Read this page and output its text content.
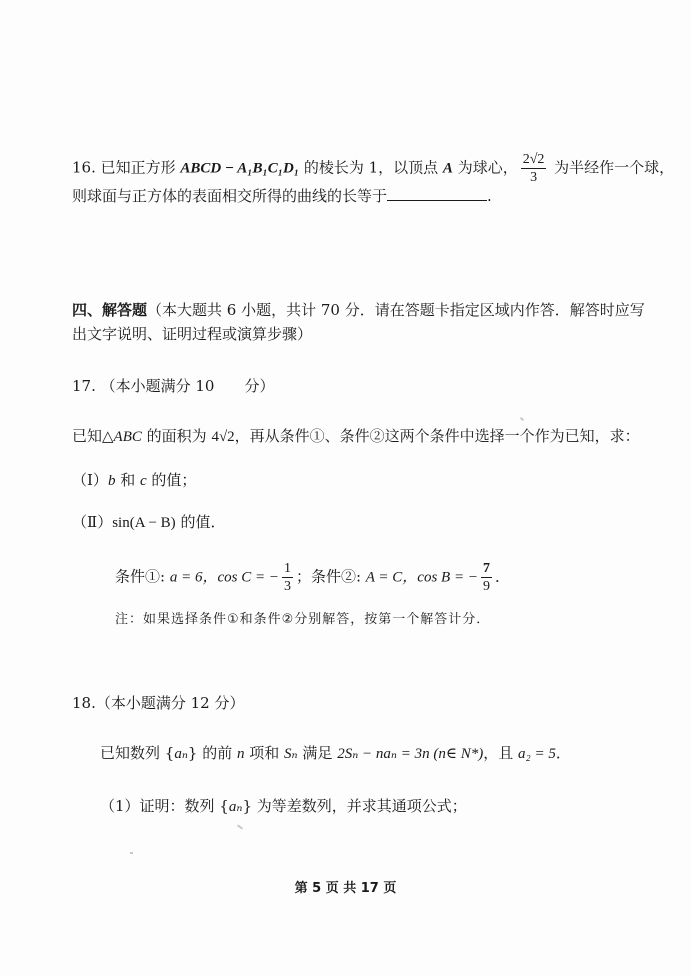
16. 已知正方形 ABCD − A₁B₁C₁D₁ 的棱长为 1，以顶点 A 为球心， $\frac{2√2}{3}$ 为半经作一个球，
则球面与正方体的表面相交所得的曲线的长等于	.
四、解答题（本大题共 6 小题，共计 70 分．请在答题卡指定区域内作答．解答时应写
出文字说明、证明过程或演算步骤）
17. （本小题满分 10　　分）
已知△ABC 的面积为 4√2，再从条件①、条件②这两个条件中选择一个作为已知，求：
（Ⅰ）b 和 c 的值；
（Ⅱ）sin(A − B) 的值．
条件①: a = 6，cos C = − $\frac{1}{3}$ ；条件②: A = C，cos B = − $\frac{7}{9}$ ．
注：如果选择条件①和条件②分别解答，按第一个解答计分．
18.（本小题满分 12 分）
已知数列 {aₙ} 的前 n 项和 Sₙ 满足 2Sₙ − naₙ = 3n (n∈ N*)，且 a₂ = 5．
（1）证明：数列 {aₙ} 为等差数列，并求其通项公式；
第 5 页 共 17 页
